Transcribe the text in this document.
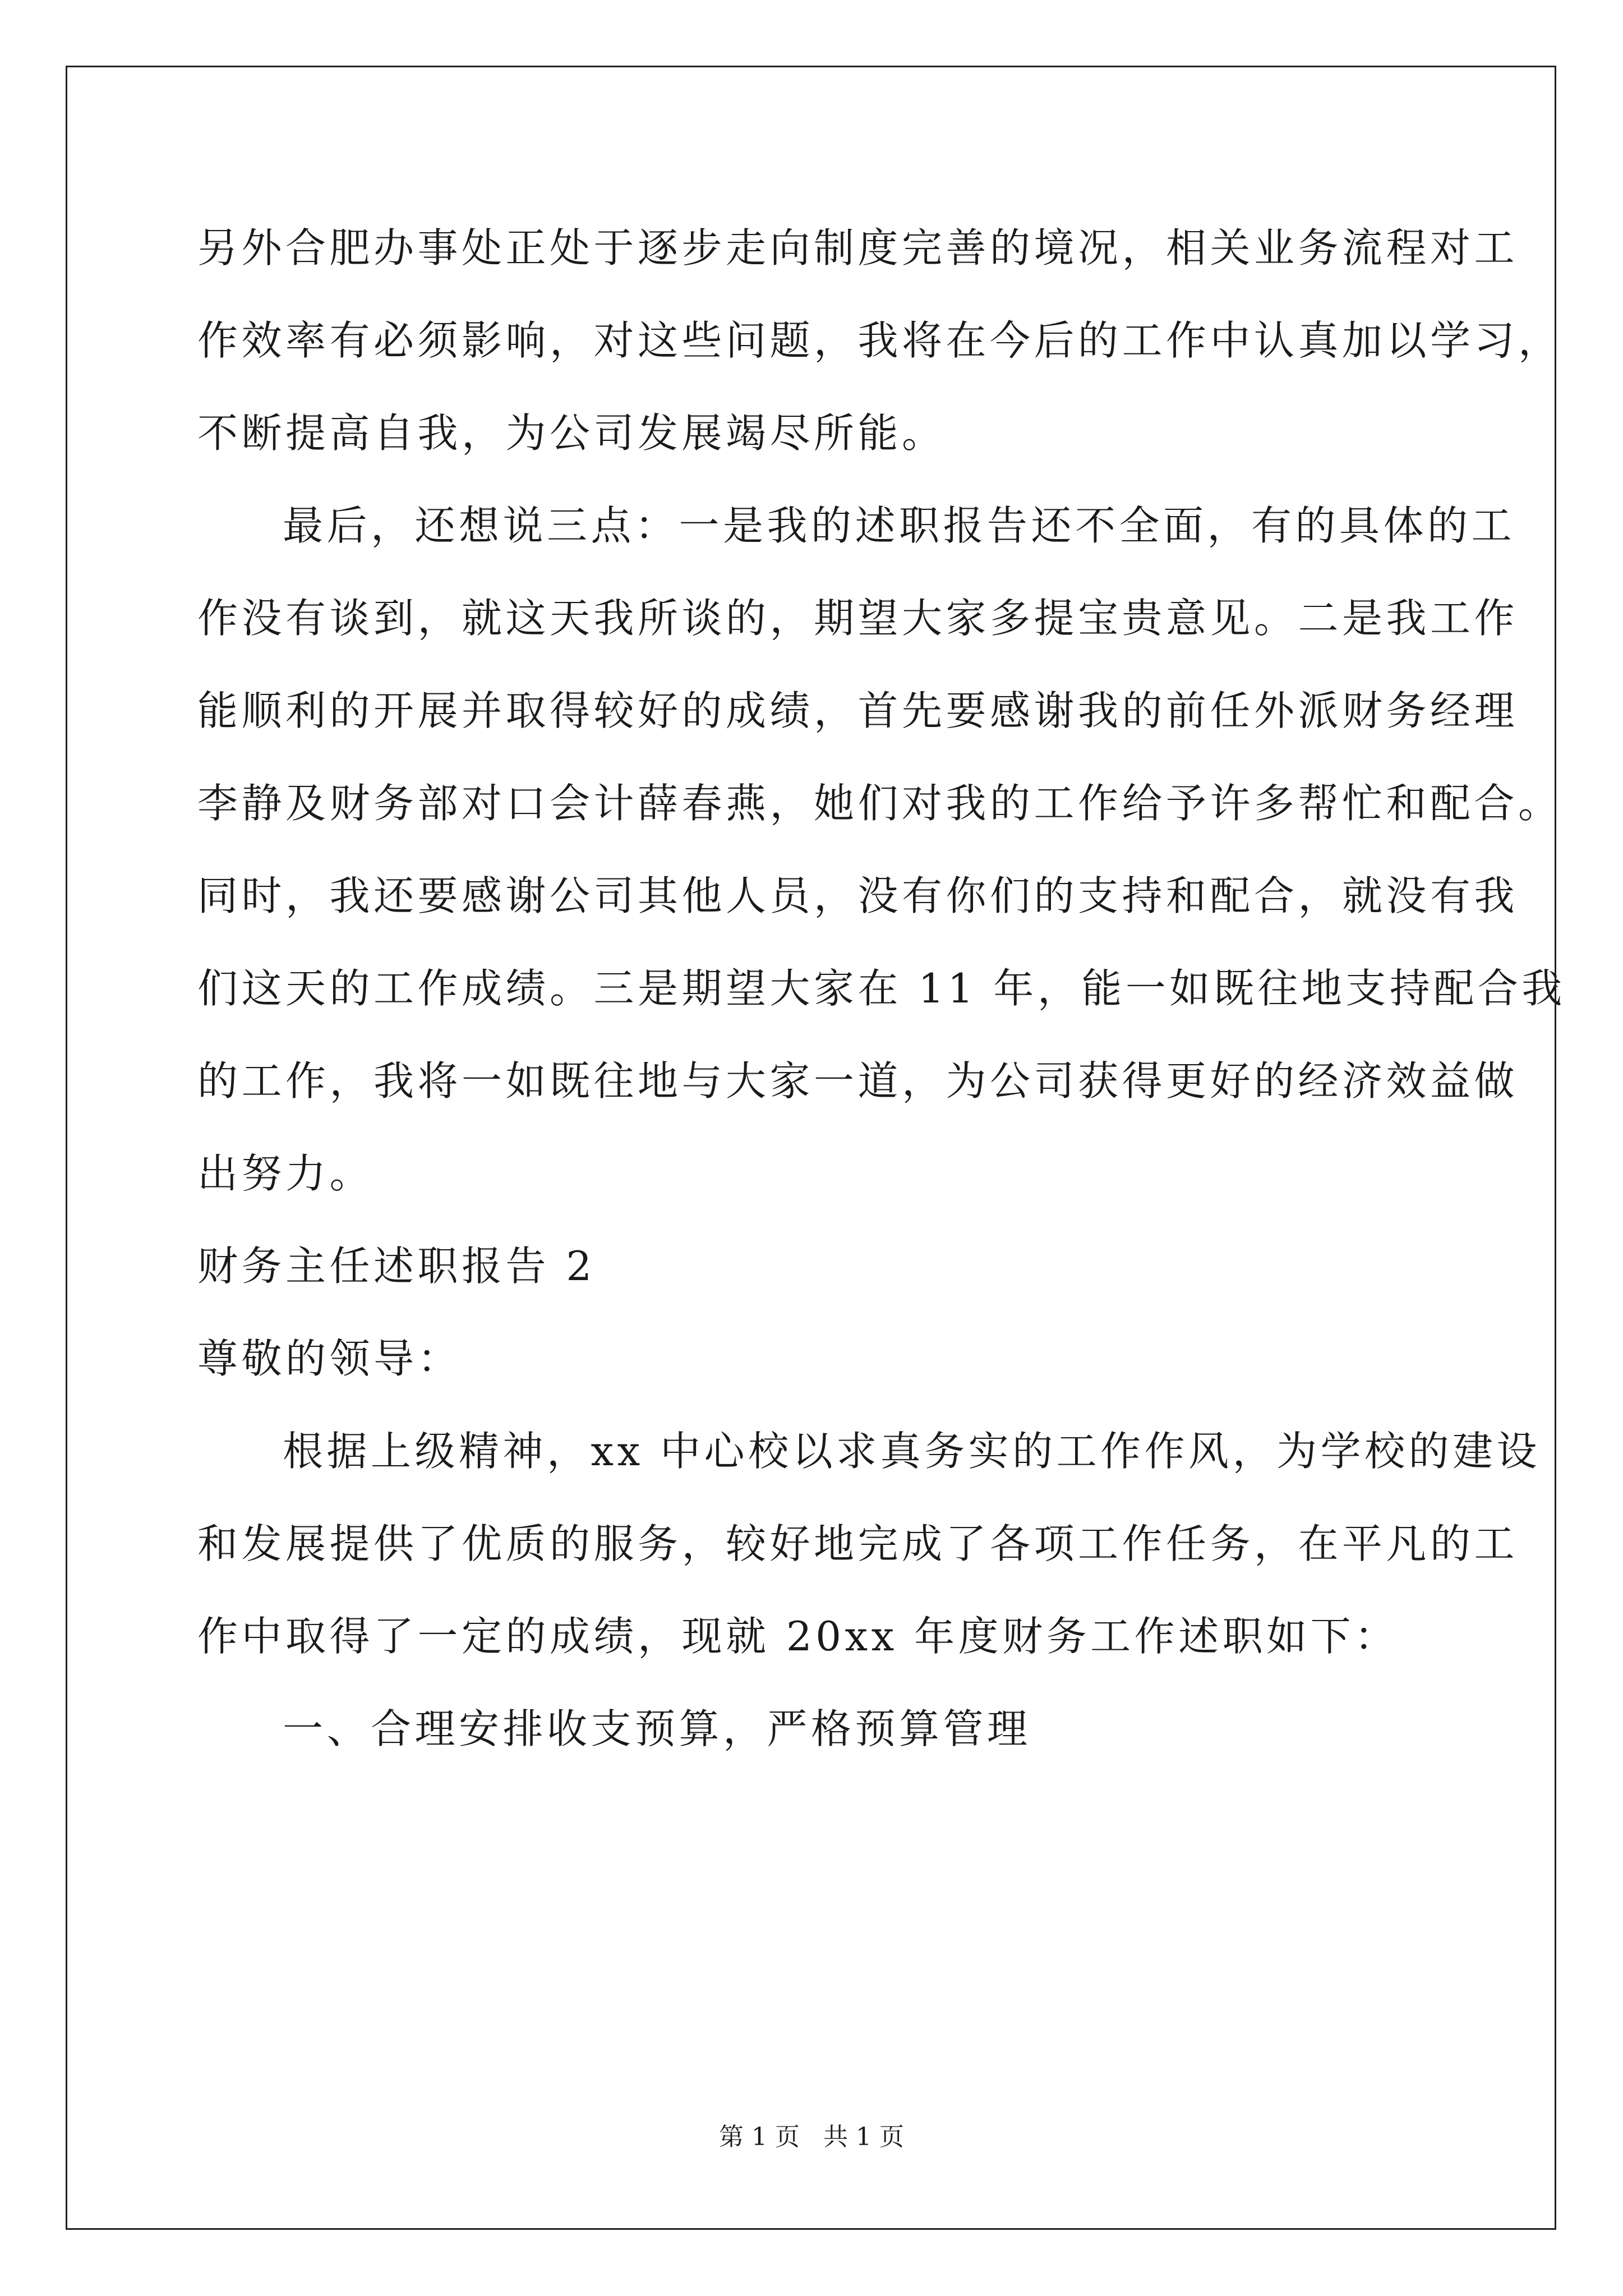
另外合肥办事处正处于逐步走向制度完善的境况，相关业务流程对工

作效率有必须影响，对这些问题，我将在今后的工作中认真加以学习，

不断提高自我，为公司发展竭尽所能。

最后，还想说三点：一是我的述职报告还不全面，有的具体的工

作没有谈到，就这天我所谈的，期望大家多提宝贵意见。二是我工作

能顺利的开展并取得较好的成绩，首先要感谢我的前任外派财务经理

李静及财务部对口会计薛春燕，她们对我的工作给予许多帮忙和配合。

同时，我还要感谢公司其他人员，没有你们的支持和配合，就没有我

们这天的工作成绩。三是期望大家在 11 年，能一如既往地支持配合我

的工作，我将一如既往地与大家一道，为公司获得更好的经济效益做

出努力。

财务主任述职报告 2

尊敬的领导：

根据上级精神，xx 中心校以求真务实的工作作风，为学校的建设

和发展提供了优质的服务，较好地完成了各项工作任务，在平凡的工

作中取得了一定的成绩，现就 20xx 年度财务工作述职如下：

一、合理安排收支预算，严格预算管理

第 1 页   共 1 页
